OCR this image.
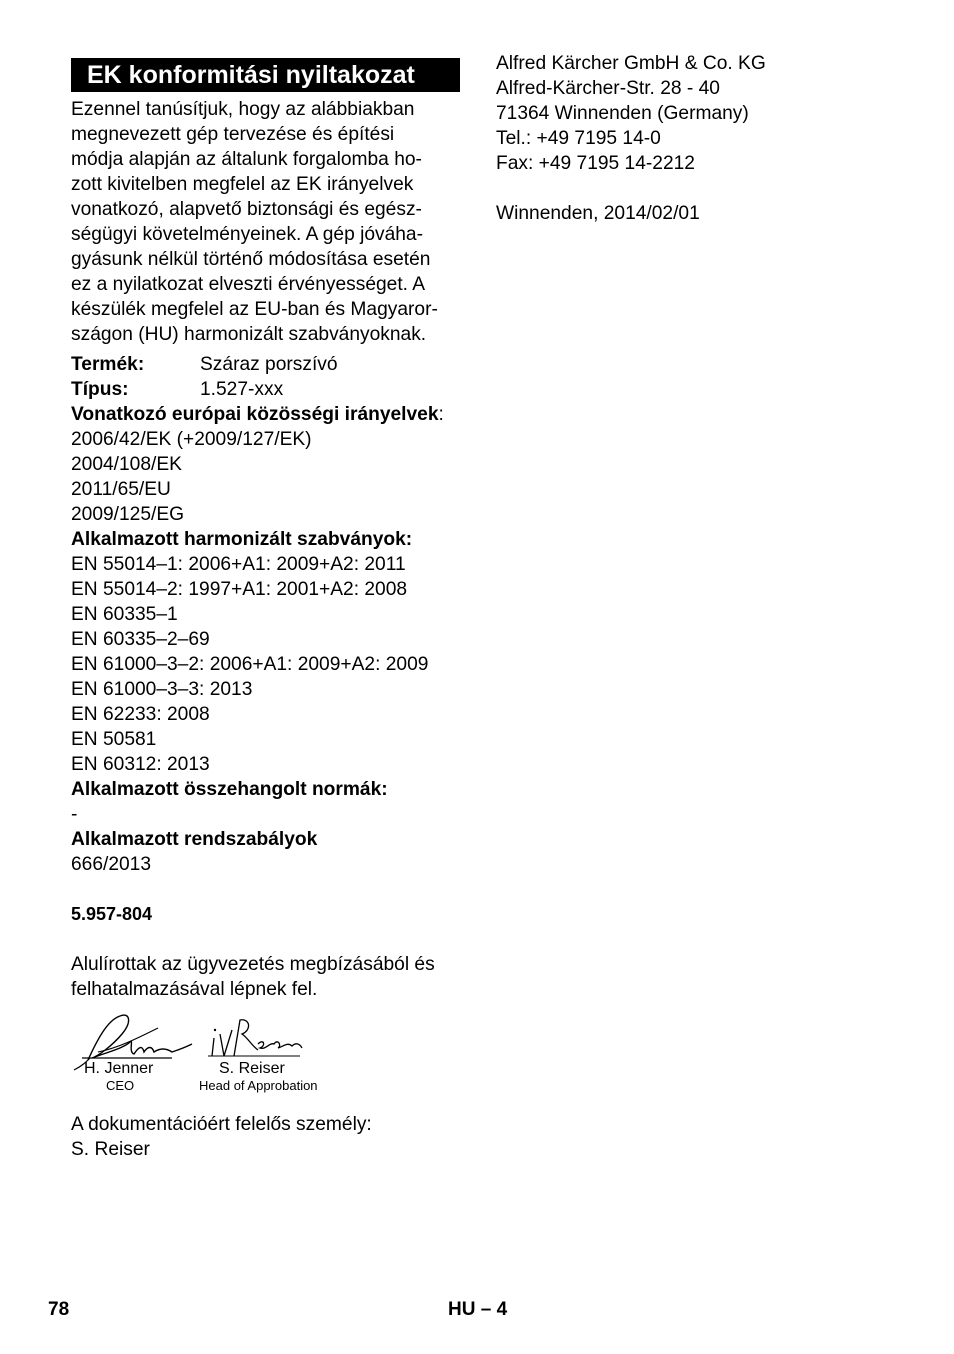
EK konformitási nyiltakozat
Ezennel tanúsítjuk, hogy az alábbiakban
megnevezett gép tervezése és építési
módja alapján az általunk forgalomba ho-
zott kivitelben megfelel az EK irányelvek
vonatkozó, alapvető biztonsági és egész-
ségügyi követelményeinek. A gép jóváha-
gyásunk nélkül történő módosítása esetén
ez a nyilatkozat elveszti érvényességet. A
készülék megfelel az EU-ban és Magyaror-
szágon (HU) harmonizált szabványoknak.
Termék:	Száraz porszívó
Típus:	1.527-xxx
Vonatkozó európai közösségi irányelvek:
2006/42/EK (+2009/127/EK)
2004/108/EK
2011/65/EU
2009/125/EG
Alkalmazott harmonizált szabványok:
EN 55014–1: 2006+A1: 2009+A2: 2011
EN 55014–2: 1997+A1: 2001+A2: 2008
EN 60335–1
EN 60335–2–69
EN 61000–3–2: 2006+A1: 2009+A2: 2009
EN 61000–3–3: 2013
EN 62233: 2008
EN 50581
EN 60312: 2013
Alkalmazott összehangolt normák:
-
Alkalmazott rendszabályok
666/2013
5.957-804
Alulírottak az ügyvezetés megbízásából és
felhatalmazásával lépnek fel.
H. Jenner
CEO
S. Reiser
Head of Approbation
A dokumentációért felelős személy:
S. Reiser
Alfred Kärcher GmbH & Co. KG
Alfred-Kärcher-Str. 28 - 40
71364 Winnenden (Germany)
Tel.: +49 7195 14-0
Fax: +49 7195 14-2212
Winnenden, 2014/02/01
78	HU – 4
